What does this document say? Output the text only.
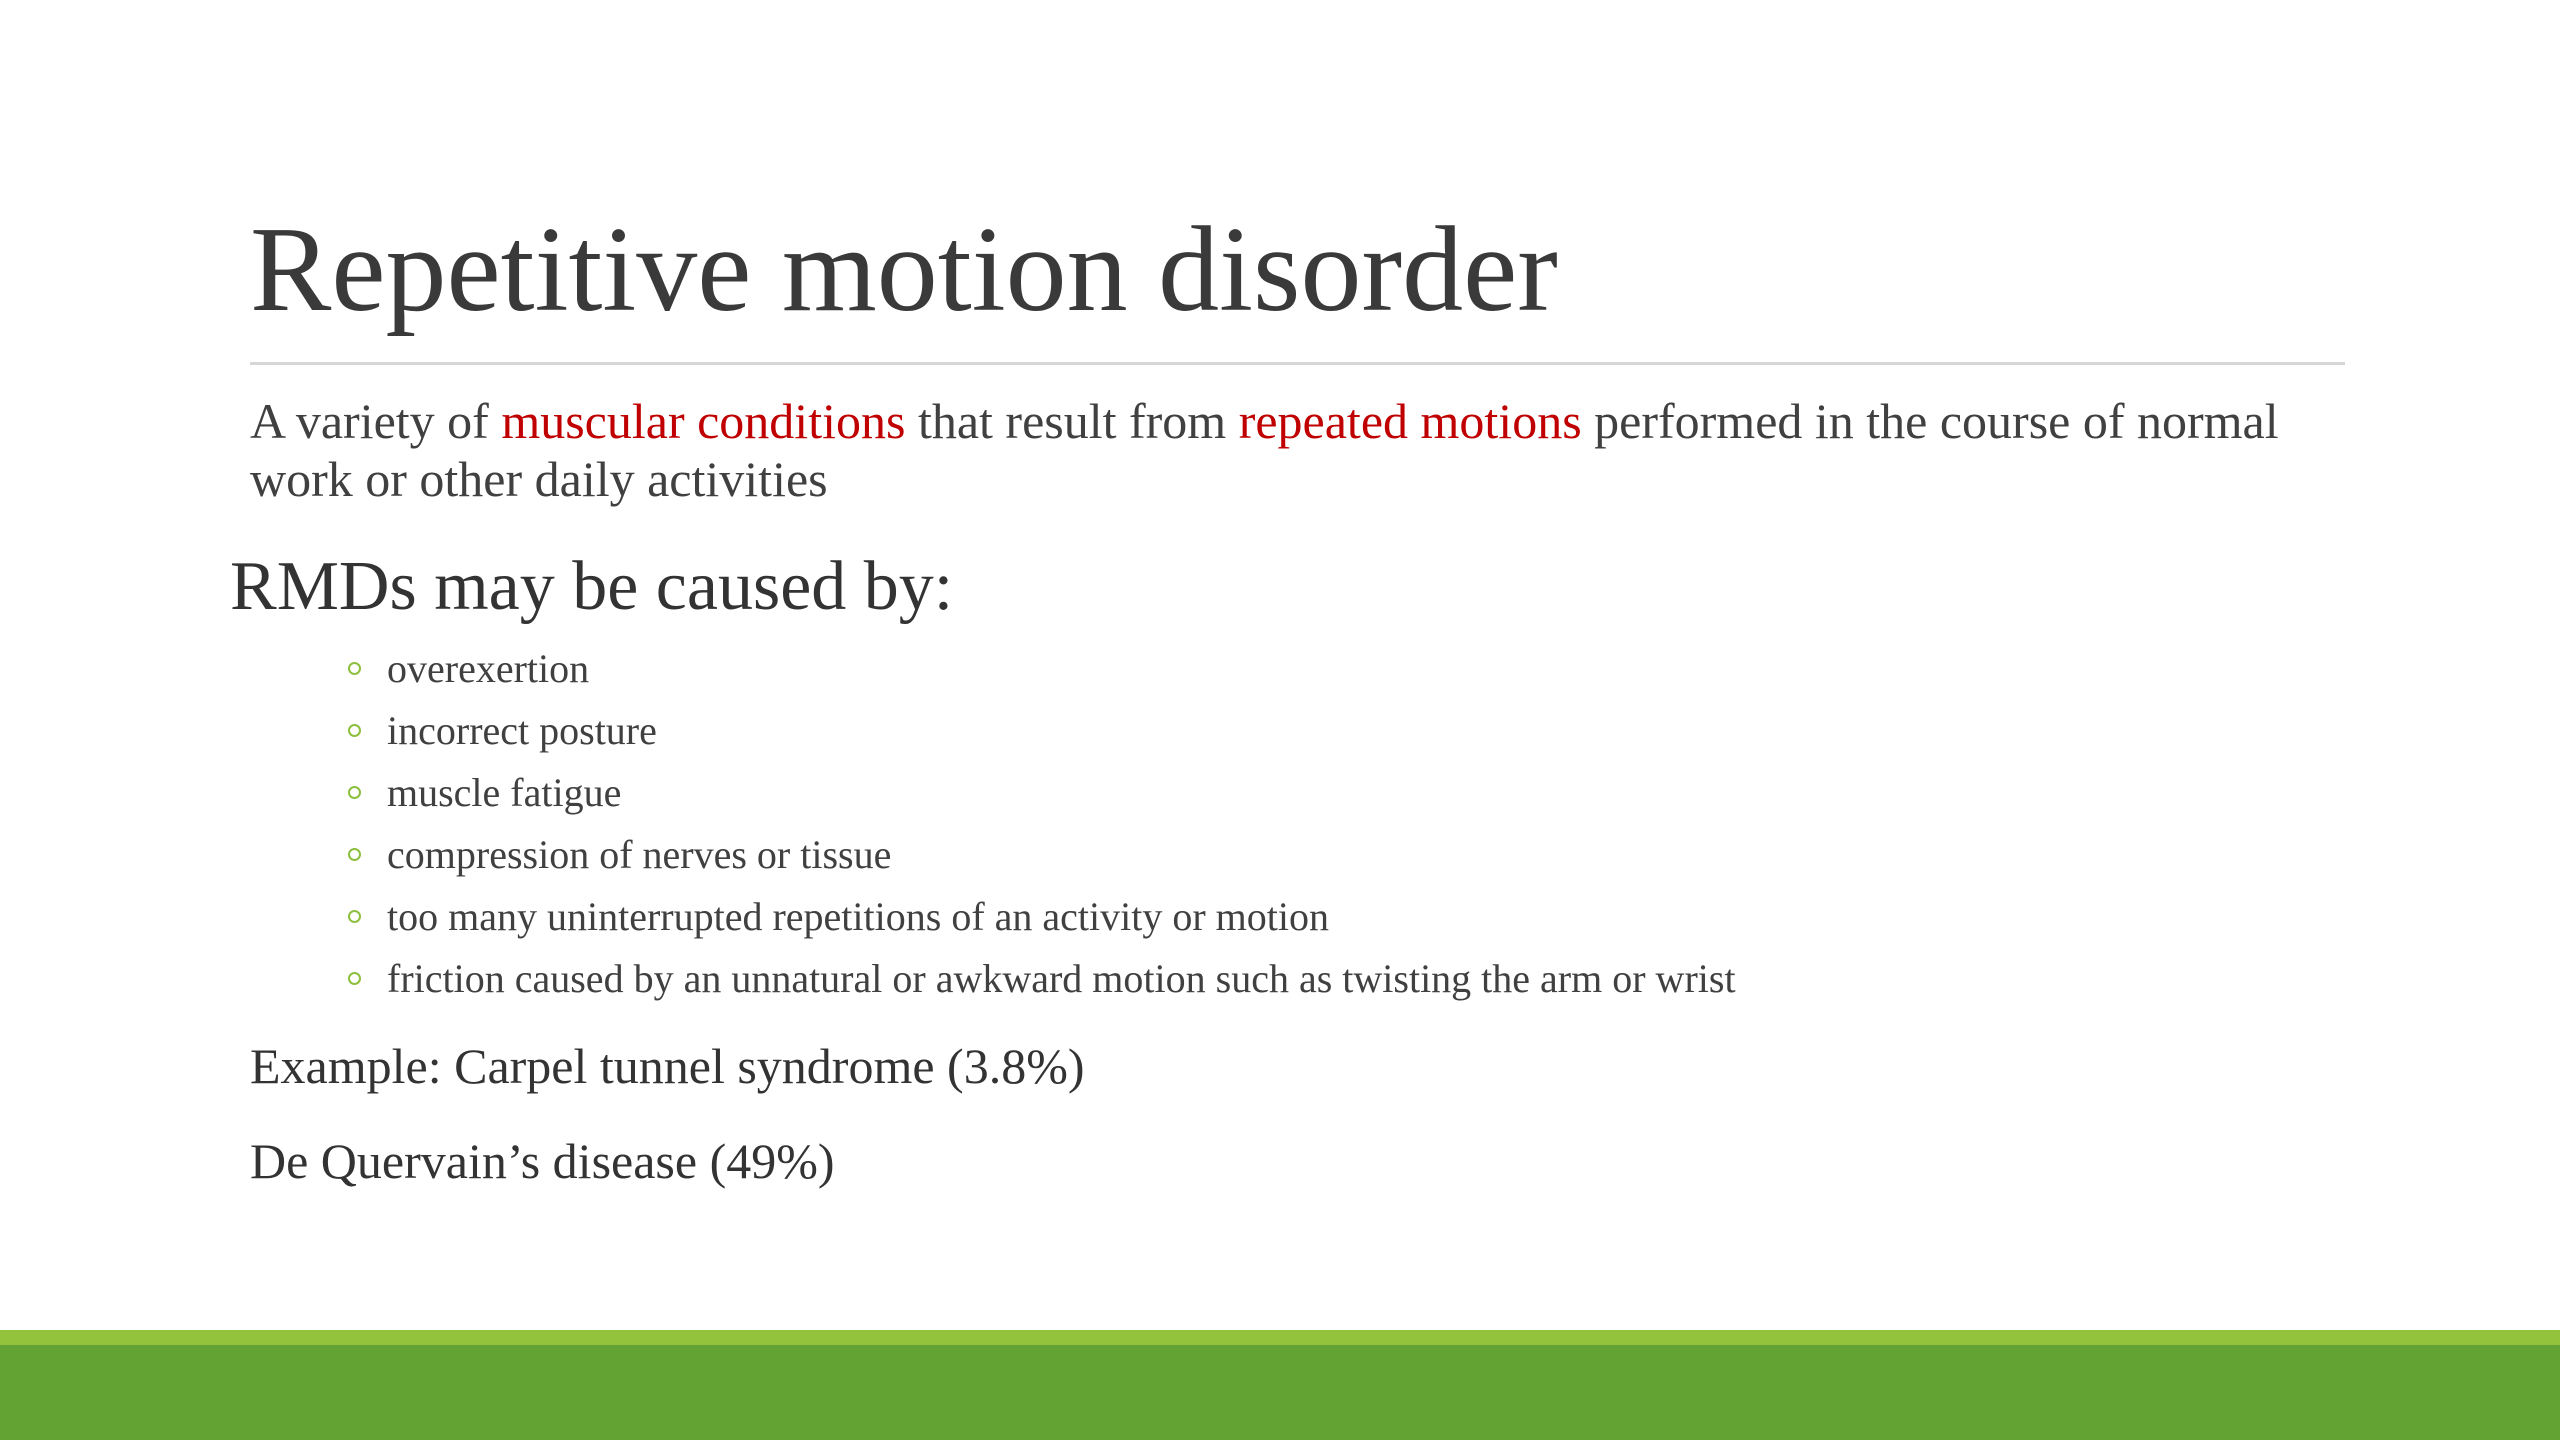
Repetitive motion disorder

A variety of muscular conditions that result from repeated motions performed in the course of normal work or other daily activities

RMDs may be caused by:
overexertion
incorrect posture
muscle fatigue
compression of nerves or tissue
too many uninterrupted repetitions of an activity or motion
friction caused by an unnatural or awkward motion such as twisting the arm or wrist

Example: Carpel tunnel syndrome (3.8%)

De Quervain’s disease (49%)
